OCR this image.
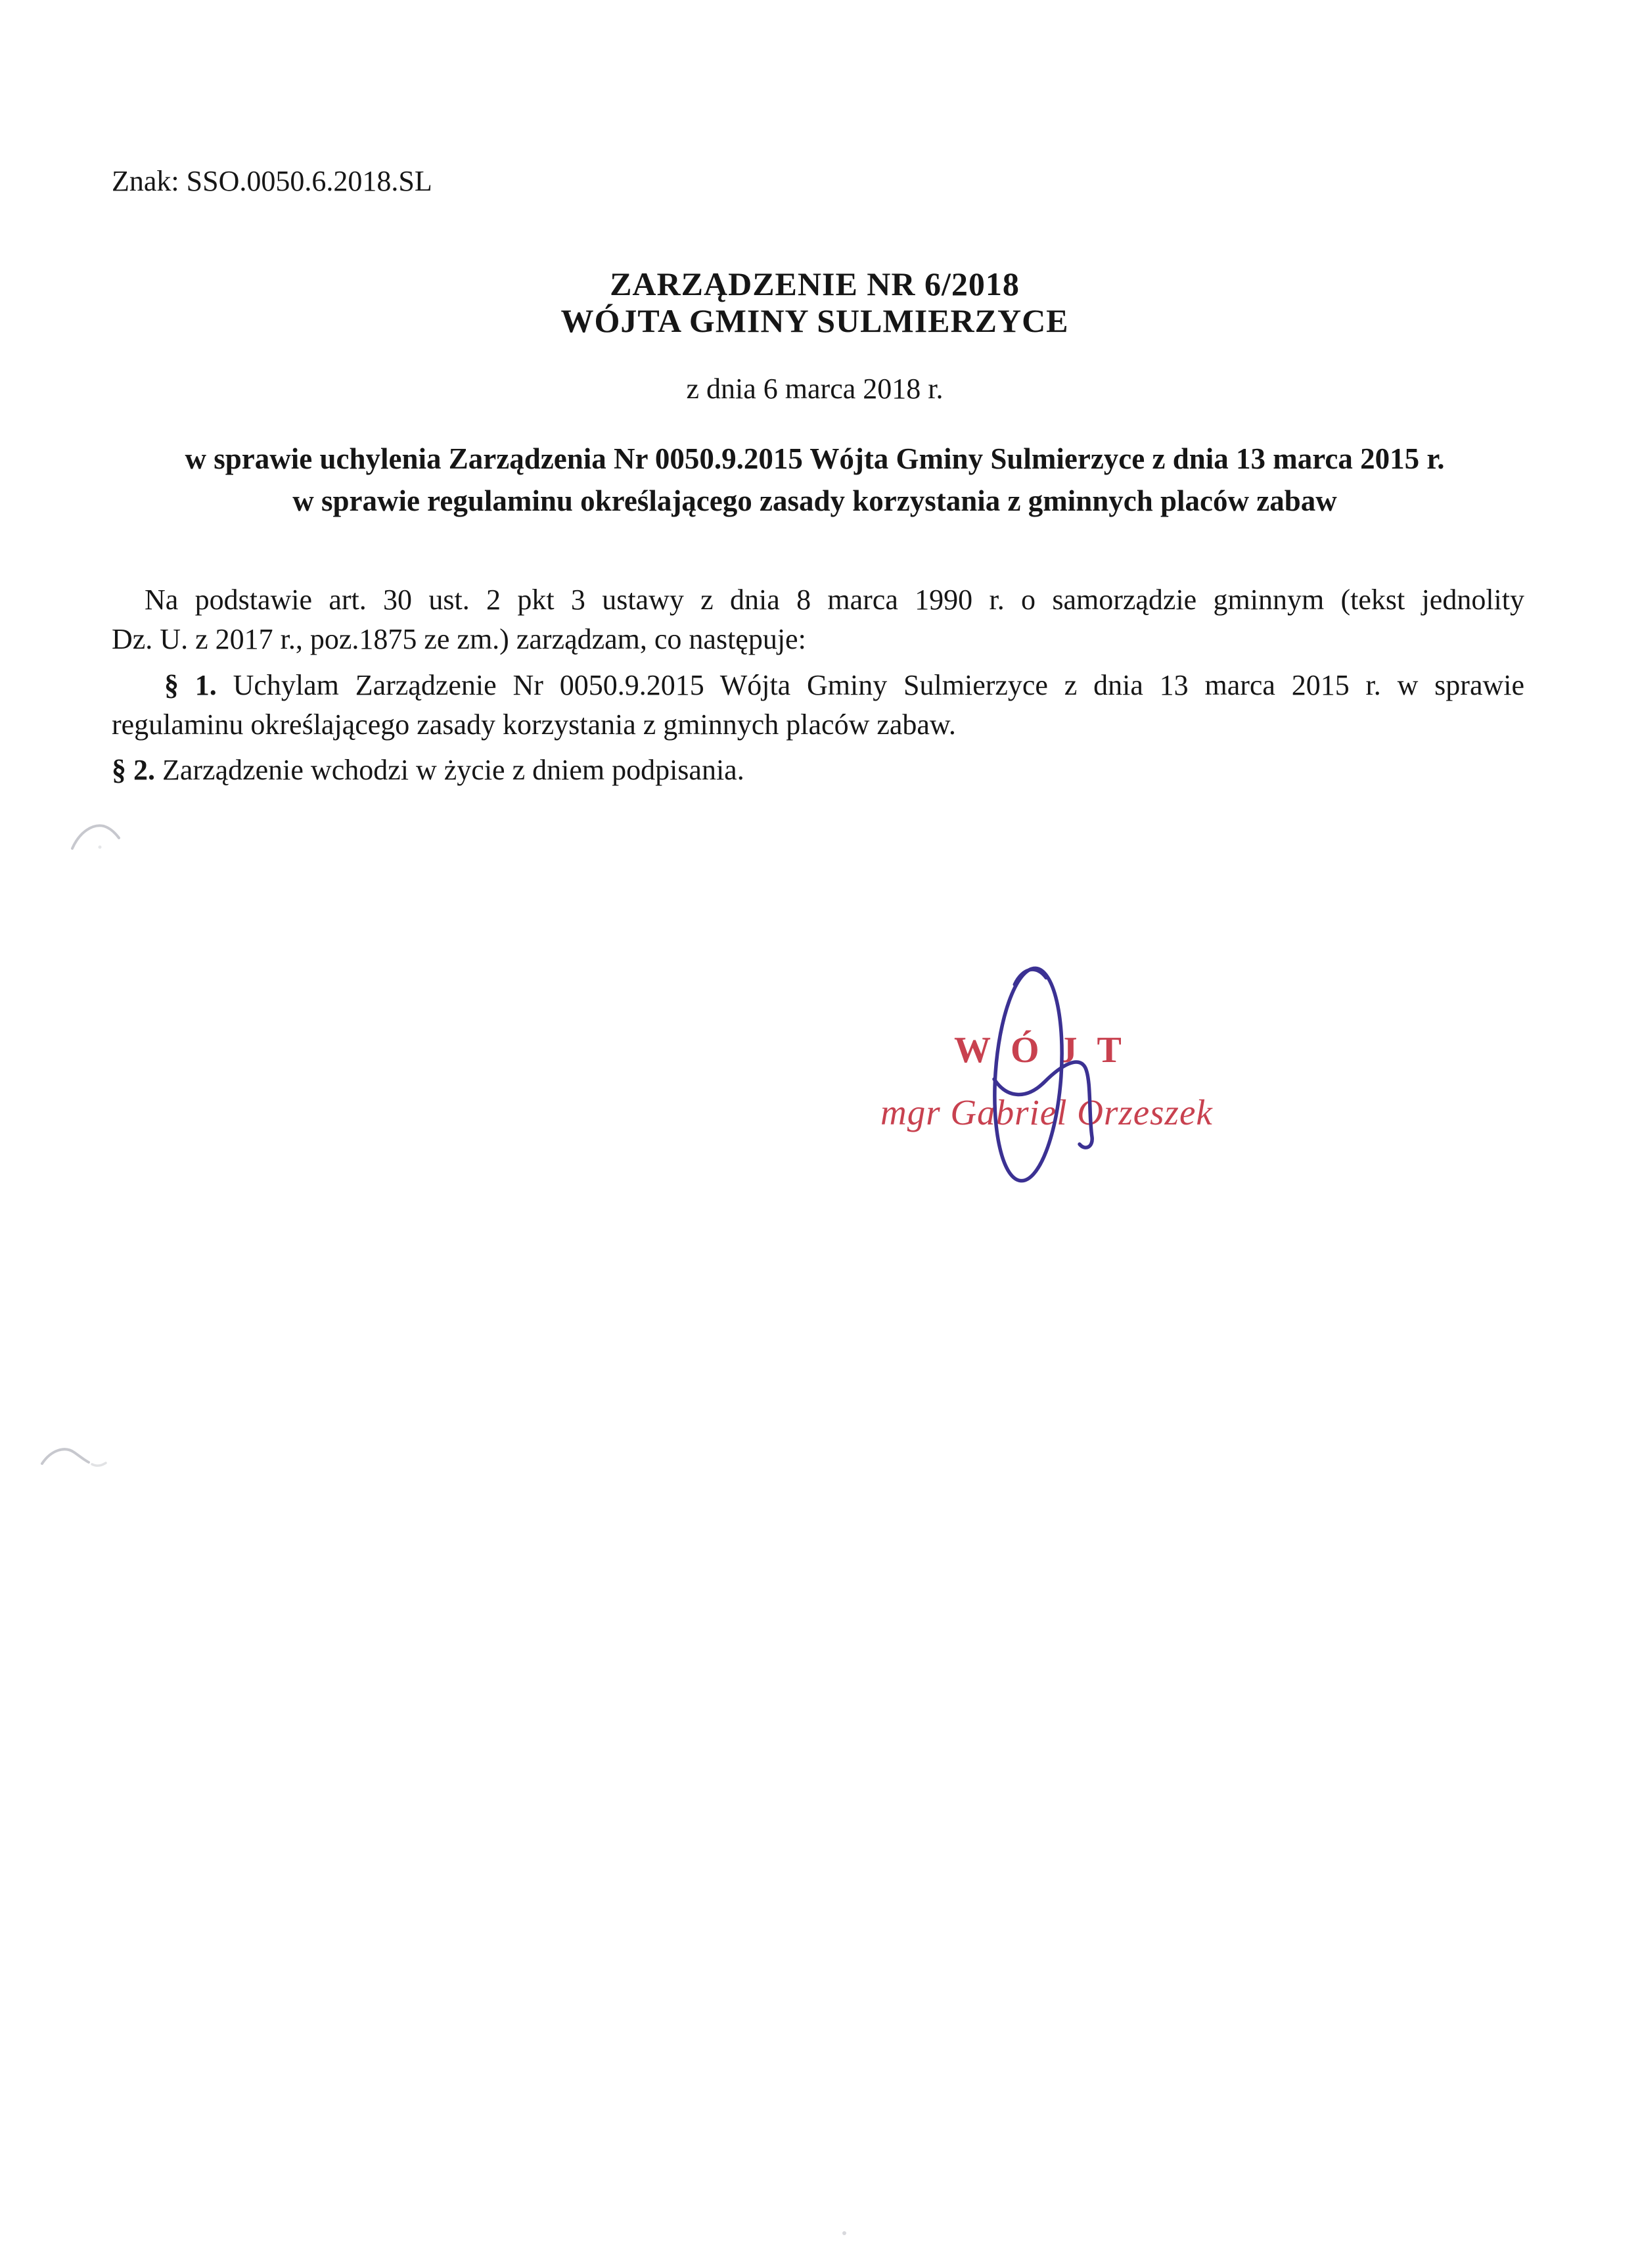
Znak: SSO.0050.6.2018.SL
ZARZĄDZENIE NR 6/2018
WÓJTA GMINY SULMIERZYCE
z dnia 6 marca 2018 r.
w sprawie uchylenia Zarządzenia Nr 0050.9.2015 Wójta Gminy Sulmierzyce z dnia 13 marca 2015 r.
w sprawie regulaminu określającego zasady korzystania z gminnych placów zabaw
Na podstawie art. 30 ust. 2 pkt 3 ustawy z dnia 8 marca 1990 r. o samorządzie gminnym (tekst jednolity
Dz. U. z 2017 r., poz.1875 ze zm.) zarządzam, co następuje:
§ 1. Uchylam Zarządzenie Nr 0050.9.2015 Wójta Gminy Sulmierzyce z dnia 13 marca 2015 r. w sprawie
regulaminu określającego zasady korzystania z gminnych placów zabaw.
§ 2. Zarządzenie wchodzi w życie z dniem podpisania.
WÓJT
mgr Gabriel Orzeszek
